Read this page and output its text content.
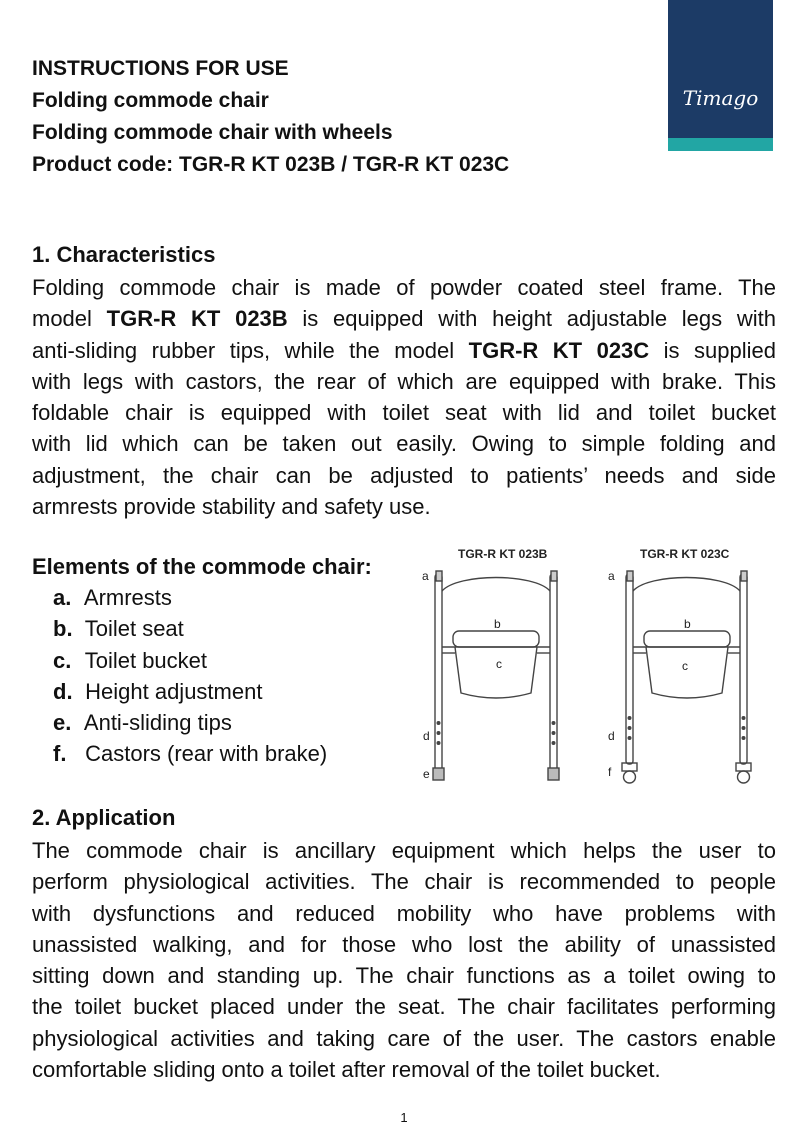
Timago
INSTRUCTIONS FOR USE
Folding commode chair
Folding commode chair with wheels
Product code: TGR-R KT 023B / TGR-R KT 023C
1. Characteristics
Folding commode chair is made of powder coated steel frame. The
model TGR-R KT 023B is equipped with height adjustable legs with
anti-sliding rubber tips, while the model TGR-R KT 023C is supplied
with legs with castors, the rear of which are equipped with brake. This
foldable chair is equipped with toilet seat with lid and toilet bucket
with lid which can be taken out easily. Owing to simple folding and
adjustment, the chair can be adjusted to patients’ needs and side
armrests provide stability and safety use.
Elements of the commode chair:
a. Armrests
b. Toilet seat
c. Toilet bucket
d. Height adjustment
e. Anti-sliding tips
f. Castors (rear with brake)
TGR-R KT 023B	TGR-R KT 023C
a
b
c
d
e
a
b
c
d
f
2. Application
The commode chair is ancillary equipment which helps the user to
perform physiological activities. The chair is recommended to people
with dysfunctions and reduced mobility who have problems with
unassisted walking, and for those who lost the ability of unassisted
sitting down and standing up. The chair functions as a toilet owing to
the toilet bucket placed under the seat. The chair facilitates performing
physiological activities and taking care of the user. The castors enable
comfortable sliding onto a toilet after removal of the toilet bucket.
1
